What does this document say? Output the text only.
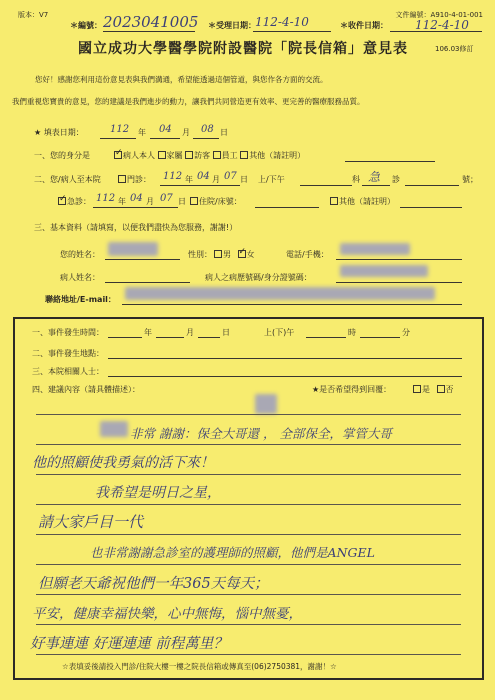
版本：V7	文件編號：A910-4-01-001
＊編號： 2023041005 ＊受理日期： 112-4-10	＊收件日期： 112-4-10
國立成功大學醫學院附設醫院「院長信箱」意見表	106.03修訂
您好！感謝您利用這份意見表與我們溝通，希望能透過這個管道，與您作各方面的交流。
我們重視您寶貴的意見，您的建議是我們進步的動力，讓我們共同營造更有效率、更完善的醫療服務品質。
★ 填表日期：	112 年 04 月 08 日
一、您的身分是 ✓	病人本人 家屬 訪客 員工 其他（請註明）
二、您/病人至本院	門診： 112 年 04 月 07 日 上/下午	科 急 診	號；
✓急診： 112 年 04 月 07 日	住院/床號：	其他（請註明）
三、基本資料（請填寫，以便我們盡快為您服務，謝謝!）
您的姓名：	性別：	男 ✓ 女	電話/手機：
病人姓名：	病人之病歷號碼/身分證號碼：
聯絡地址/E-mail：
一、事件發生時間：	年	月	日	上(下)午	時	分
二、事件發生地點：
三、本院相關人士：
四、建議內容（請具體描述）：	★是否希望得到回覆：	是 否
非常 謝謝：保全大哥還 ， 全部保全，掌管大哥
他的照顧使我勇氣的活下來！
我希望是明日之星，
請大家戶目一代
也非常謝謝急診室的護理師的照顧，他們是ANGEL
但願老天爺祝他們一年365天每天；
平安，健康幸福快樂，心中無悔，惱中無憂，
好事連連 好運連連 前程萬里？
☆表填妥後請投入門診/住院大樓一樓之院長信箱或傳真至(06)2750381，謝謝！☆
